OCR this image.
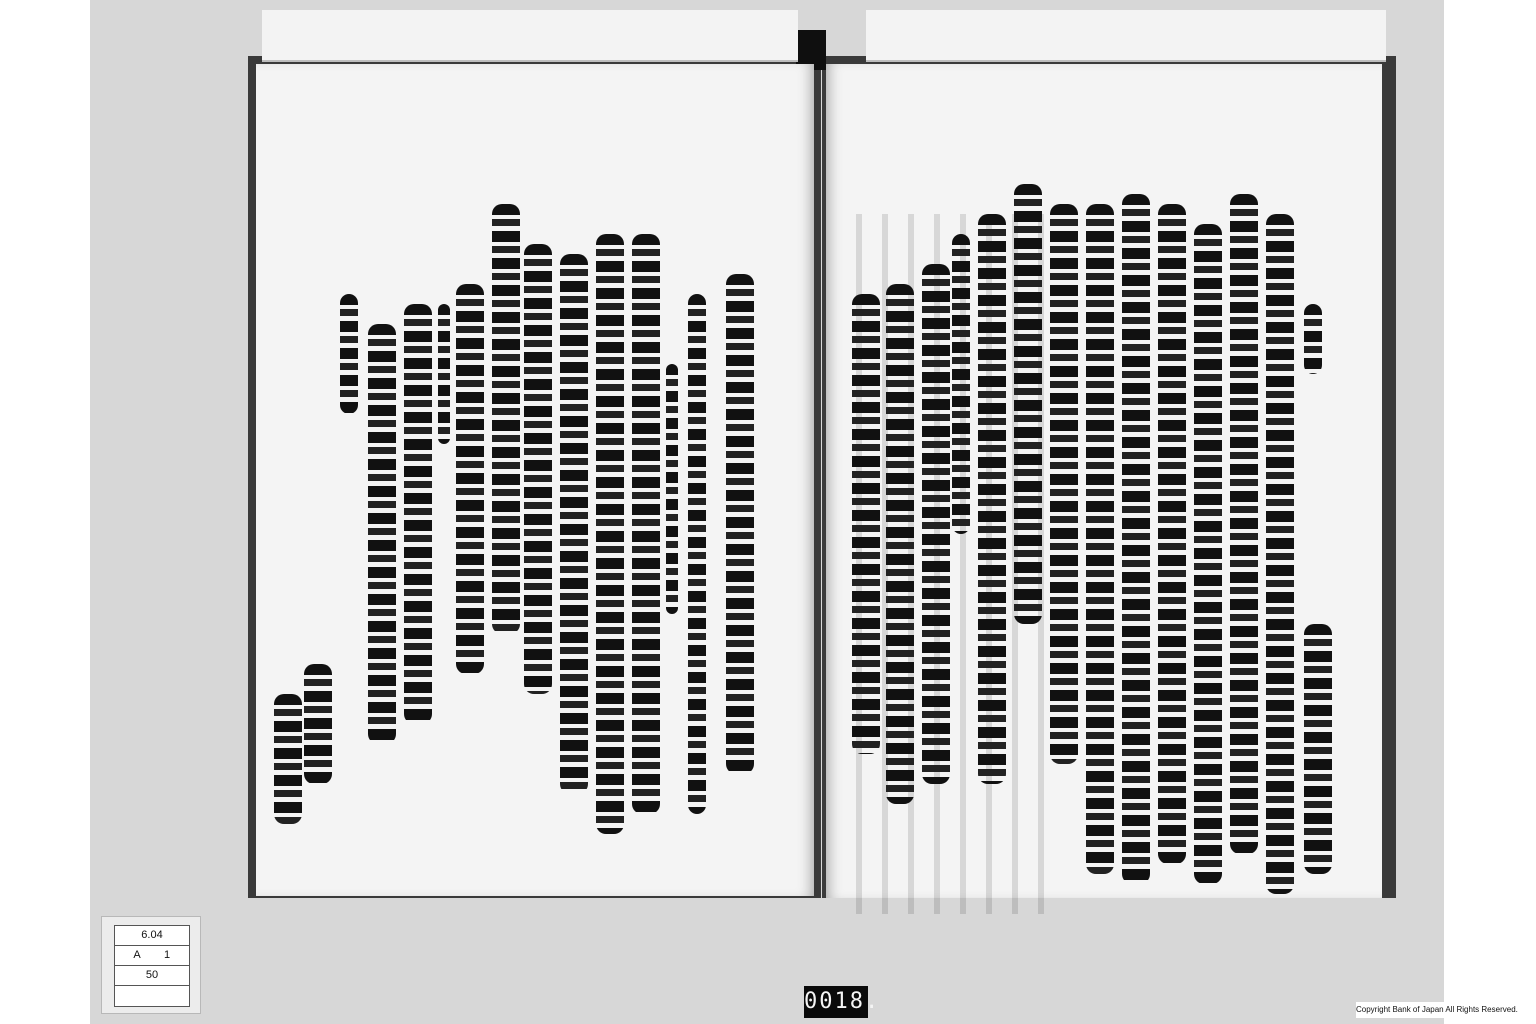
6.04
A 1
50
0018.	Copyright Bank of Japan All Rights Reserved.
